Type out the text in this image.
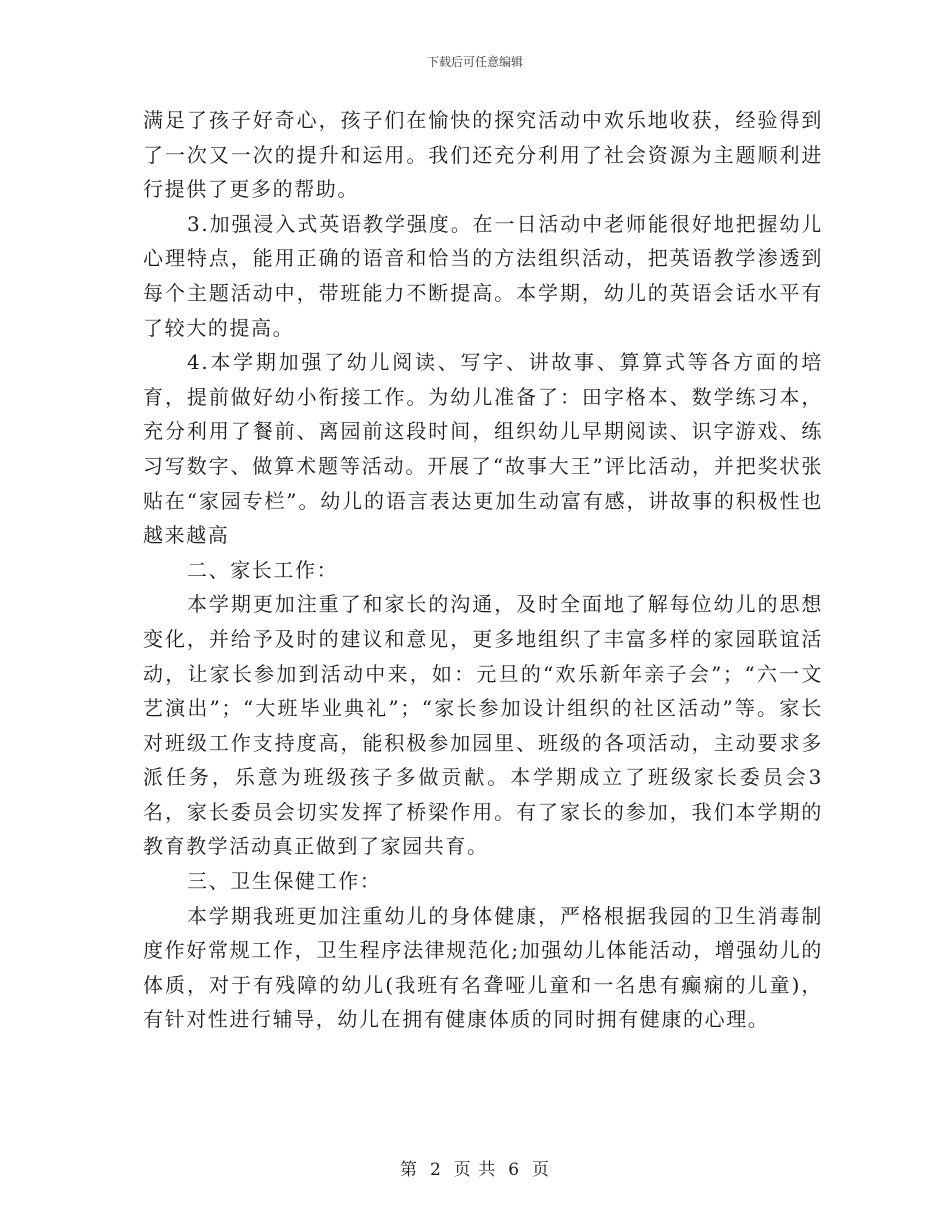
下载后可任意编辑

满足了孩子好奇心，孩子们在愉快的探究活动中欢乐地收获，经验得到了一次又一次的提升和运用。我们还充分利用了社会资源为主题顺利进行提供了更多的帮助。

3.加强浸入式英语教学强度。在一日活动中老师能很好地把握幼儿心理特点，能用正确的语音和恰当的方法组织活动，把英语教学渗透到每个主题活动中，带班能力不断提高。本学期，幼儿的英语会话水平有了较大的提高。

4.本学期加强了幼儿阅读、写字、讲故事、算算式等各方面的培育，提前做好幼小衔接工作。为幼儿准备了：田字格本、数学练习本，充分利用了餐前、离园前这段时间，组织幼儿早期阅读、识字游戏、练习写数字、做算术题等活动。开展了“故事大王”评比活动，并把奖状张贴在“家园专栏”。幼儿的语言表达更加生动富有感，讲故事的积极性也越来越高

二、家长工作：

本学期更加注重了和家长的沟通，及时全面地了解每位幼儿的思想变化，并给予及时的建议和意见，更多地组织了丰富多样的家园联谊活动，让家长参加到活动中来，如：元旦的“欢乐新年亲子会”；“六一文艺演出”；“大班毕业典礼”；“家长参加设计组织的社区活动”等。家长对班级工作支持度高，能积极参加园里、班级的各项活动，主动要求多派任务，乐意为班级孩子多做贡献。本学期成立了班级家长委员会3名，家长委员会切实发挥了桥梁作用。有了家长的参加，我们本学期的教育教学活动真正做到了家园共育。

三、卫生保健工作：

本学期我班更加注重幼儿的身体健康，严格根据我园的卫生消毒制度作好常规工作，卫生程序法律规范化;加强幼儿体能活动，增强幼儿的体质，对于有残障的幼儿(我班有名聋哑儿童和一名患有癫痫的儿童)，有针对性进行辅导，幼儿在拥有健康体质的同时拥有健康的心理。

第 2 页 共 6 页
